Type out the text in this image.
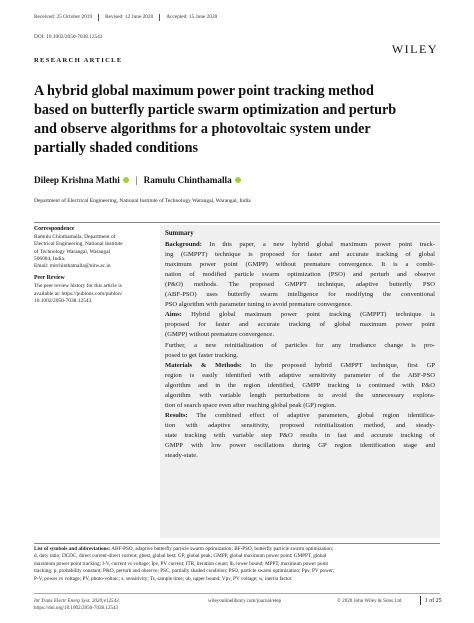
Received: 25 October 2019	Revised: 12 June 2020	Accepted: 15 June 2020
DOI: 10.1002/2050-7038.12543
WILEY
RESEARCH ARTICLE
A hybrid global maximum power point tracking method
based on butterfly particle swarm optimization and perturb
and observe algorithms for a photovoltaic system under
partially shaded conditions
Dileep Krishna Mathi | Ramulu Chinthamalla
Department of Electrical Engineering, National Institute of Technology Warangal, Warangal, India
Correspondence
Ramulu Chinthamalla, Department of
Electrical Engineering, National Institute
of Technology Warangal, Warangal
506004, India.
Email: mitchinthamalla@nitw.ac.in
Peer Review
The peer review history for this article is
available at: https://publons.com/publon/
10.1002/2050-7038.12543.
Summary
Background: In this paper, a new hybrid global maximum power point track-
ing (GMPPT) technique is proposed for faster and accurate tracking of global
maximum power point (GMPP) without premature convergence. It is a combi-
nation of modified particle swarm optimization (PSO) and perturb and observe
(P&O) methods. The proposed GMPPT technique, adaptive butterfly PSO
(ABF-PSO) uses butterfly swarm intelligence for modifying the conventional
PSO algorithm with parameter tuning to avoid premature convergence.
Aims: Hybrid global maximum power point tracking (GMPPT) technique is
proposed for faster and accurate tracking of global maximum power point
(GMPP) without premature convergence.
Further, a new reinitialization of particles for any irradiance change is pro-
posed to get faster tracking.
Materials & Methods: In the proposed hybrid GMPPT technique, first GP
region is easily identified with adaptive sensitivity parameter of the ABF-PSO
algorithm and in the region identified, GMPP tracking is continued with P&O
algorithm with variable length perturbations to avoid the unnecessary explora-
tion of search space even after reaching global peak (GP) region.
Results: The combined effect of adaptive parameters, global region identifica-
tion with adaptive sensitivity, proposed reinitialization method, and steady-
state tracking with variable step P&O results in fast and accurate tracking of
GMPP with low power oscillations during GP region identification stage and
steady-state.
List of symbols and abbreviations: ABF-PSO, adaptive butterfly particle swarm optimization; BF-PSO, butterfly particle swarm optimization;
d, duty ratio; DCDC, direct current-direct current; gbest, global best; GP, global peak; GMPP, global maximum power point; GMPPT, global
maximum power point tracking; I-V, current vs voltage; Ipv, PV current; ITR, iteration count; lb, lower bound; MPPT, maximum power point
tracking; p, probability constant; P&O, perturb and observe; PSC, partially shaded condition; PSO, particle swarm optimization; Ppv, PV power;
P-V, power vs voltage; PV, photo-voltaic; s, sensitivity; Ts, sample time; ub, upper bound; Vpv, PV voltage; w, inertia factor.
Int Trans Electr Energ Syst. 2020;e12543.
https://doi.org/10.1002/2050-7038.12543
wileyonlinelibrary.com/journal/etep	© 2020 John Wiley & Sons Ltd	1 of 25
